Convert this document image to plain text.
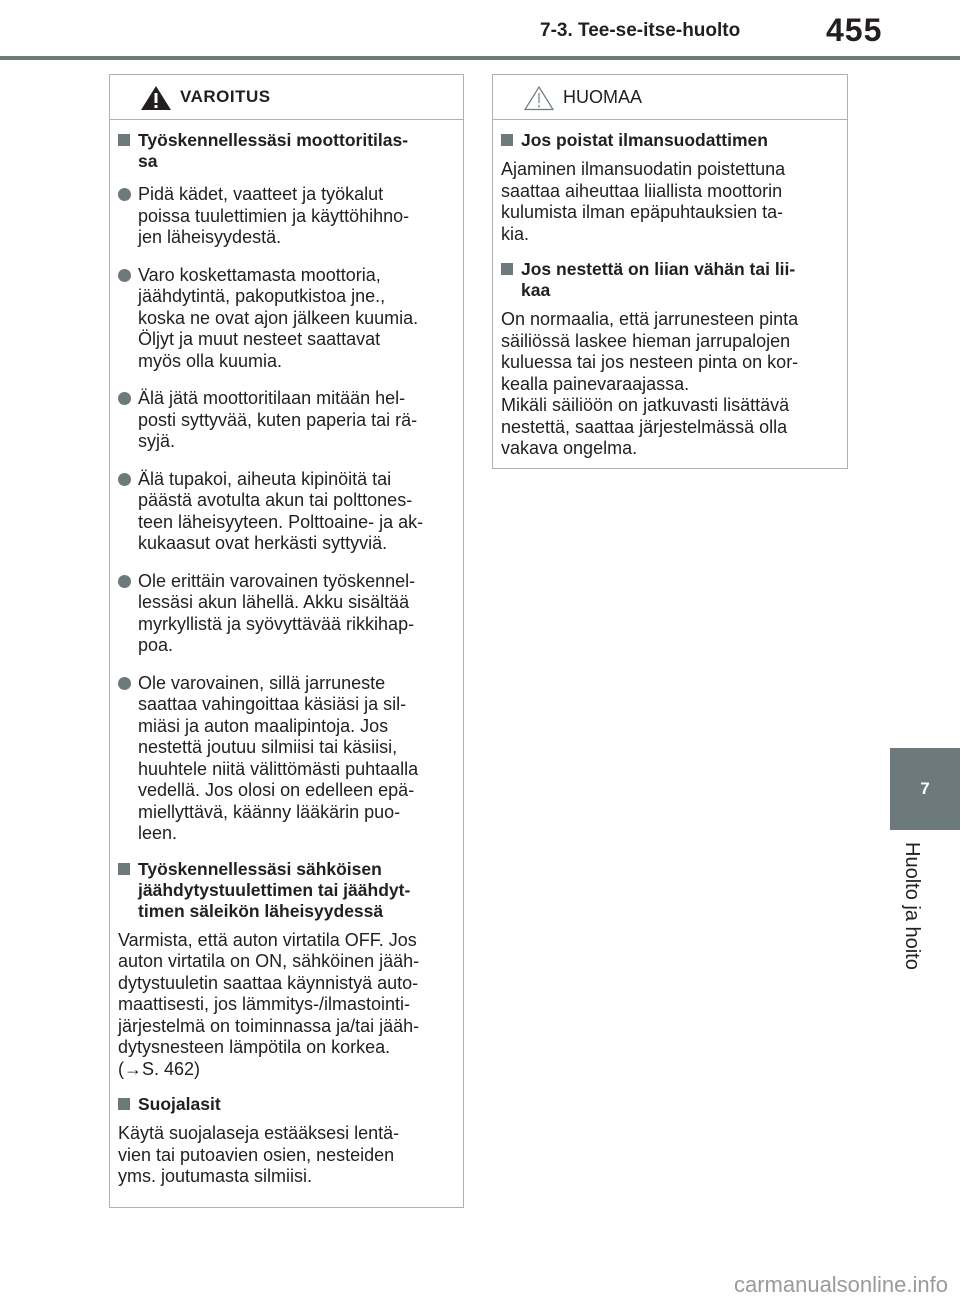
7-3. Tee-se-itse-huolto	455
7
Huolto ja hoito
VAROITUS
Työskennellessäsi moottoritilas-
sa
Pidä kädet, vaatteet ja työkalut
poissa tuulettimien ja käyttöhihno-
jen läheisyydestä.
Varo koskettamasta moottoria,
jäähdytintä, pakoputkistoa jne.,
koska ne ovat ajon jälkeen kuumia.
Öljyt ja muut nesteet saattavat
myös olla kuumia.
Älä jätä moottoritilaan mitään hel-
posti syttyvää, kuten paperia tai rä-
syjä.
Älä tupakoi, aiheuta kipinöitä tai
päästä avotulta akun tai polttones-
teen läheisyyteen. Polttoaine- ja ak-
kukaasut ovat herkästi syttyviä.
Ole erittäin varovainen työskennel-
lessäsi akun lähellä. Akku sisältää
myrkyllistä ja syövyttävää rikkihap-
poa.
Ole varovainen, sillä jarruneste
saattaa vahingoittaa käsiäsi ja sil-
miäsi ja auton maalipintoja. Jos
nestettä joutuu silmiisi tai käsiisi,
huuhtele niitä välittömästi puhtaalla
vedellä. Jos olosi on edelleen epä-
miellyttävä, käänny lääkärin puo-
leen.
Työskennellessäsi sähköisen
jäähdytystuulettimen tai jäähdyt-
timen säleikön läheisyydessä
Varmista, että auton virtatila OFF. Jos
auton virtatila on ON, sähköinen jääh-
dytystuuletin saattaa käynnistyä auto-
maattisesti, jos lämmitys-/ilmastointi-
järjestelmä on toiminnassa ja/tai jääh-
dytysnesteen lämpötila on korkea.
(→S. 462)
Suojalasit
Käytä suojalaseja estääksesi lentä-
vien tai putoavien osien, nesteiden
yms. joutumasta silmiisi.
HUOMAA
Jos poistat ilmansuodattimen
Ajaminen ilmansuodatin poistettuna
saattaa aiheuttaa liiallista moottorin
kulumista ilman epäpuhtauksien ta-
kia.
Jos nestettä on liian vähän tai lii-
kaa
On normaalia, että jarrunesteen pinta
säiliössä laskee hieman jarrupalojen
kuluessa tai jos nesteen pinta on kor-
kealla painevaraajassa.
Mikäli säiliöön on jatkuvasti lisättävä
nestettä, saattaa järjestelmässä olla
vakava ongelma.
carmanualsonline.info
